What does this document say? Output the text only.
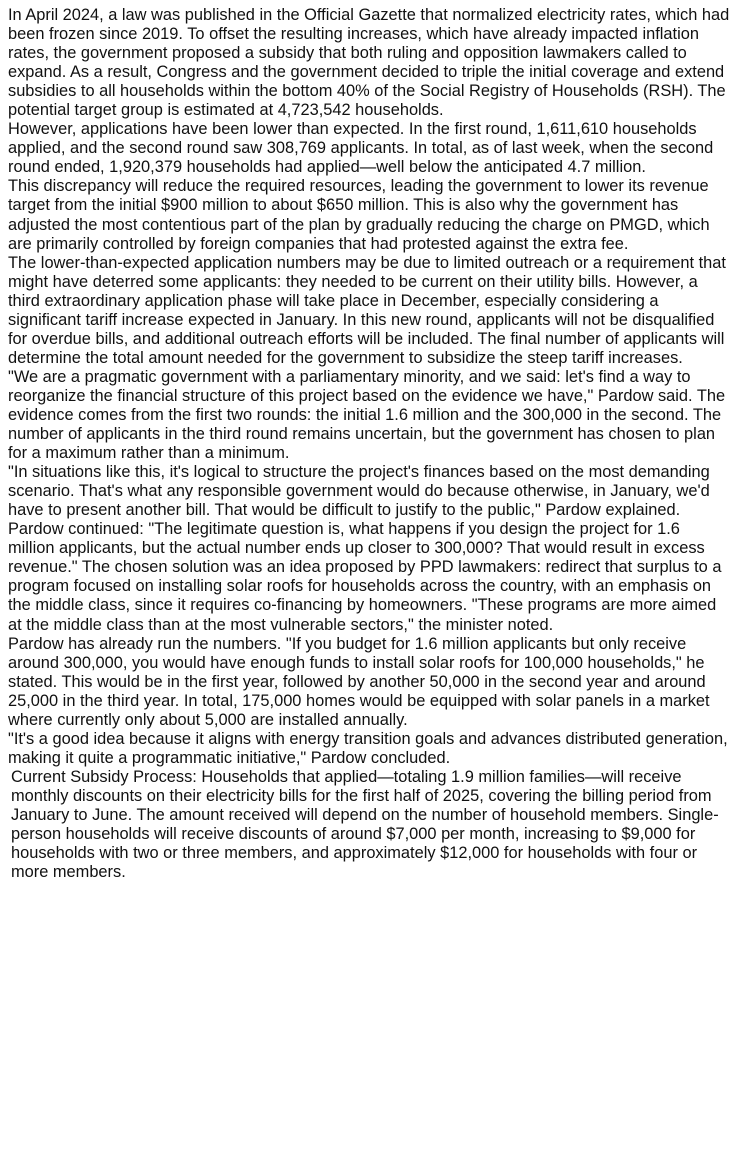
In April 2024, a law was published in the Official Gazette that normalized electricity rates, which had been frozen since 2019. To offset the resulting increases, which have already impacted inflation rates, the government proposed a subsidy that both ruling and opposition lawmakers called to expand. As a result, Congress and the government decided to triple the initial coverage and extend subsidies to all households within the bottom 40% of the Social Registry of Households (RSH). The potential target group is estimated at 4,723,542 households.

However, applications have been lower than expected. In the first round, 1,611,610 households applied, and the second round saw 308,769 applicants. In total, as of last week, when the second round ended, 1,920,379 households had applied—well below the anticipated 4.7 million.

This discrepancy will reduce the required resources, leading the government to lower its revenue target from the initial $900 million to about $650 million. This is also why the government has adjusted the most contentious part of the plan by gradually reducing the charge on PMGD, which are primarily controlled by foreign companies that had protested against the extra fee.

The lower-than-expected application numbers may be due to limited outreach or a requirement that might have deterred some applicants: they needed to be current on their utility bills. However, a third extraordinary application phase will take place in December, especially considering a significant tariff increase expected in January. In this new round, applicants will not be disqualified for overdue bills, and additional outreach efforts will be included. The final number of applicants will determine the total amount needed for the government to subsidize the steep tariff increases.

"We are a pragmatic government with a parliamentary minority, and we said: let's find a way to reorganize the financial structure of this project based on the evidence we have," Pardow said. The evidence comes from the first two rounds: the initial 1.6 million and the 300,000 in the second. The number of applicants in the third round remains uncertain, but the government has chosen to plan for a maximum rather than a minimum.

"In situations like this, it's logical to structure the project's finances based on the most demanding scenario. That's what any responsible government would do because otherwise, in January, we'd have to present another bill. That would be difficult to justify to the public," Pardow explained.

Pardow continued: "The legitimate question is, what happens if you design the project for 1.6 million applicants, but the actual number ends up closer to 300,000? That would result in excess revenue." The chosen solution was an idea proposed by PPD lawmakers: redirect that surplus to a program focused on installing solar roofs for households across the country, with an emphasis on the middle class, since it requires co-financing by homeowners. "These programs are more aimed at the middle class than at the most vulnerable sectors," the minister noted.

Pardow has already run the numbers. "If you budget for 1.6 million applicants but only receive around 300,000, you would have enough funds to install solar roofs for 100,000 households," he stated. This would be in the first year, followed by another 50,000 in the second year and around 25,000 in the third year. In total, 175,000 homes would be equipped with solar panels in a market where currently only about 5,000 are installed annually.

"It's a good idea because it aligns with energy transition goals and advances distributed generation, making it quite a programmatic initiative," Pardow concluded.

Current Subsidy Process: Households that applied—totaling 1.9 million families—will receive monthly discounts on their electricity bills for the first half of 2025, covering the billing period from January to June. The amount received will depend on the number of household members. Single-person households will receive discounts of around $7,000 per month, increasing to $9,000 for households with two or three members, and approximately $12,000 for households with four or more members.
